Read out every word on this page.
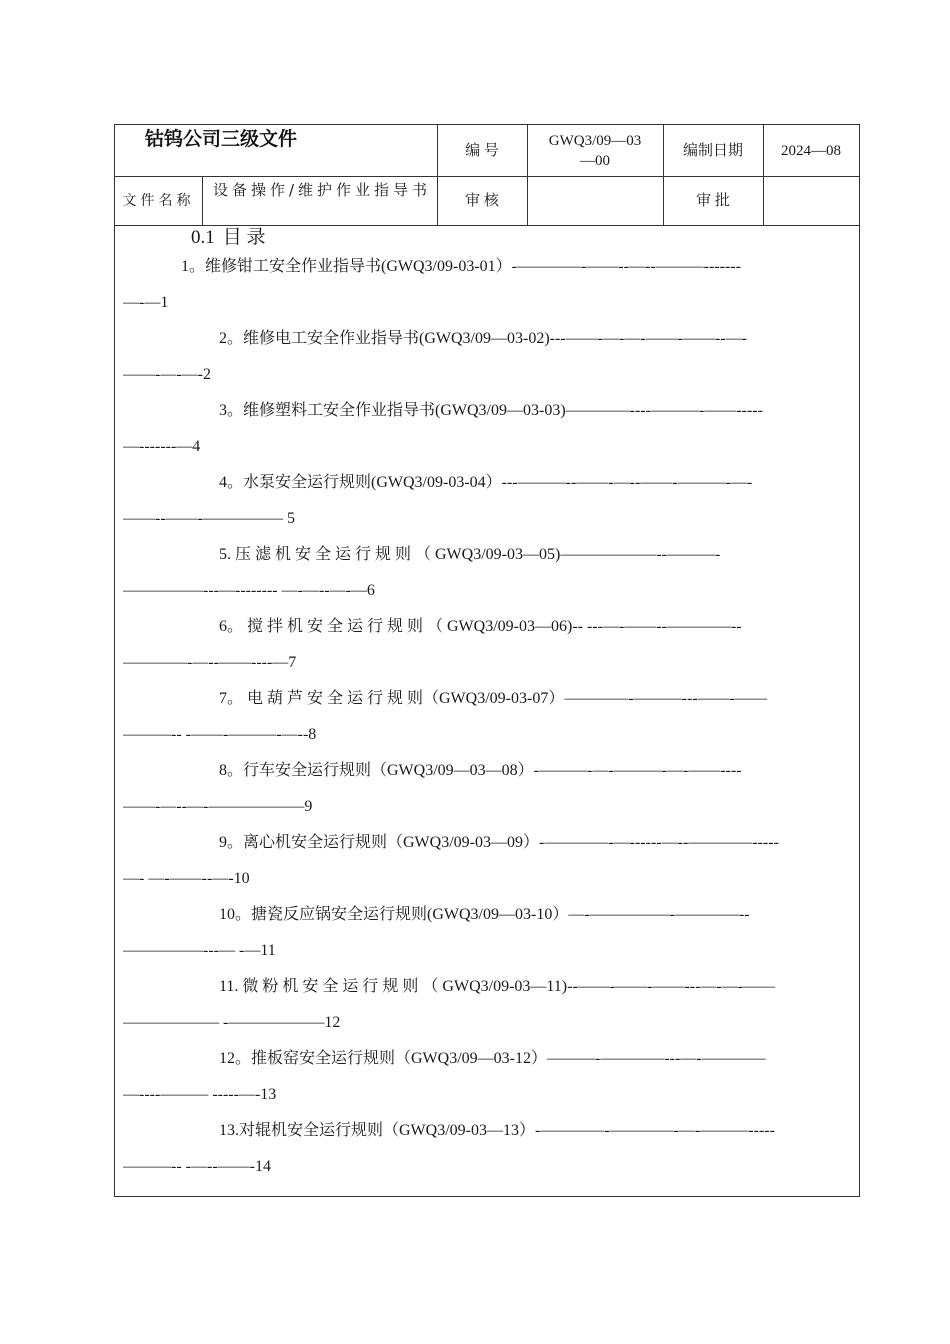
钴钨公司三级文件
编 号
GWQ3/09—03
—00
编制日期	2024—08
文件名称
设备操作/维护作业指导书
审 核	审 批
0.1 目 录
1。维修钳工安全作业指导书(GWQ3/09-03-01）-————-——--—--———-------
—-—1
2。维修电工安全作业指导书(GWQ3/09—03-02)---——-—-—-——-——--—-
——-—-—-2
3。维修塑料工安全作业指导书(GWQ3/09—03-03)————----———-——-----
—-------—4
4。水泵安全运行规则(GWQ3/09-03-04）---———--——-—--——-———-—-
——--——-————— 5
5. 压 滤 机 安 全 运 行 规 则 （ GWQ3/09-03—05)——————--———-
—————---—-------- —-—--—-—6
6。 搅 拌 机 安 全 运 行 规 则 （ GWQ3/09-03—06)-- ---—-——--————--
————-—--——----—7
7。 电 葫 芦 安 全 运 行 规 则（GWQ3/09-03-07）————-———---——-——
———-- -——-———-—--8
8。行车安全运行规则（GWQ3/09—03—08）-———-—-———-—-——----
——-—--—-——————9
9。离心机安全运行规则（GWQ3/09-03—09）-————-—------—--————-----
—- —-——--—-10
10。搪瓷反应锅安全运行规则(GWQ3/09—03-10）—-—————-————--
—————---— -—11
11. 微 粉 机 安 全 运 行 规 则 （ GWQ3/09-03—11)--——-——-——---—-—-——
—————— -——————12
12。推板窑安全运行规则（GWQ3/09—03-12）———-————---—-————
—----——— -----—-13
13.对辊机安全运行规则（GWQ3/09-03—13）-————-————-—-———-----
———-- -—--——-14
